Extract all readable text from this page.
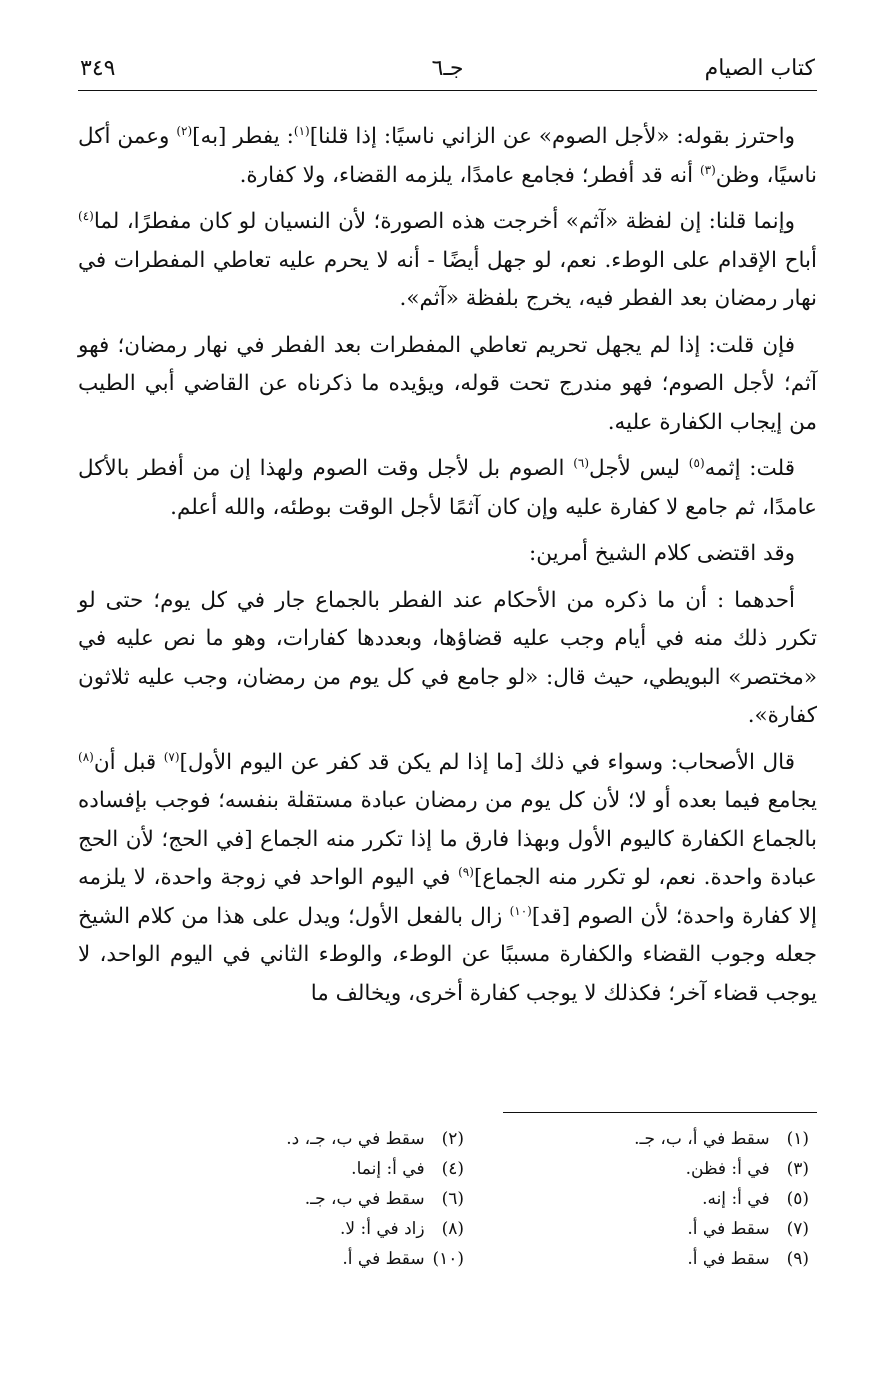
كتاب الصيام
جـ٦
٣٤٩

واحترز بقوله: «لأجل الصوم» عن الزاني ناسيًا: إذا قلنا]$^{(١)}$: يفطر [به]$^{(٢)}$ وعمن أكل ناسيًا، وظن$^{(٣)}$ أنه قد أفطر؛ فجامع عامدًا، يلزمه القضاء، ولا كفارة.

وإنما قلنا: إن لفظة «آثم» أخرجت هذه الصورة؛ لأن النسيان لو كان مفطرًا، لما$^{(٤)}$ أباح الإقدام على الوطء. نعم، لو جهل أيضًا - أنه لا يحرم عليه تعاطي المفطرات في نهار رمضان بعد الفطر فيه، يخرج بلفظة «آثم».

فإن قلت: إذا لم يجهل تحريم تعاطي المفطرات بعد الفطر في نهار رمضان؛ فهو آثم؛ لأجل الصوم؛ فهو مندرج تحت قوله، ويؤيده ما ذكرناه عن القاضي أبي الطيب من إيجاب الكفارة عليه.

قلت: إثمه$^{(٥)}$ ليس لأجل$^{(٦)}$ الصوم بل لأجل وقت الصوم ولهذا إن من أفطر بالأكل عامدًا، ثم جامع لا كفارة عليه وإن كان آثمًا لأجل الوقت بوطئه، والله أعلم.

وقد اقتضى كلام الشيخ أمرين:

أحدهما : أن ما ذكره من الأحكام عند الفطر بالجماع جار في كل يوم؛ حتى لو تكرر ذلك منه في أيام وجب عليه قضاؤها، وبعددها كفارات، وهو ما نص عليه في «مختصر» البويطي، حيث قال: «لو جامع في كل يوم من رمضان، وجب عليه ثلاثون كفارة».

قال الأصحاب: وسواء في ذلك [ما إذا لم يكن قد كفر عن اليوم الأول]$^{(٧)}$ قبل أن$^{(٨)}$ يجامع فيما بعده أو لا؛ لأن كل يوم من رمضان عبادة مستقلة بنفسه؛ فوجب بإفساده بالجماع الكفارة كاليوم الأول وبهذا فارق ما إذا تكرر منه الجماع [في الحج؛ لأن الحج عبادة واحدة. نعم، لو تكرر منه الجماع]$^{(٩)}$ في اليوم الواحد في زوجة واحدة، لا يلزمه إلا كفارة واحدة؛ لأن الصوم [قد]$^{(١٠)}$ زال بالفعل الأول؛ ويدل على هذا من كلام الشيخ جعله وجوب القضاء والكفارة مسببًا عن الوطء، والوطء الثاني في اليوم الواحد، لا يوجب قضاء آخر؛ فكذلك لا يوجب كفارة أخرى، ويخالف ما

(١) سقط في أ، ب، جـ.
(٣) في أ: فظن.
(٥) في أ: إنه.
(٧) سقط في أ.
(٩) سقط في أ.
(٢) سقط في ب، جـ، د.
(٤) في أ: إنما.
(٦) سقط في ب، جـ.
(٨) زاد في أ: لا.
(١٠) سقط في أ.
